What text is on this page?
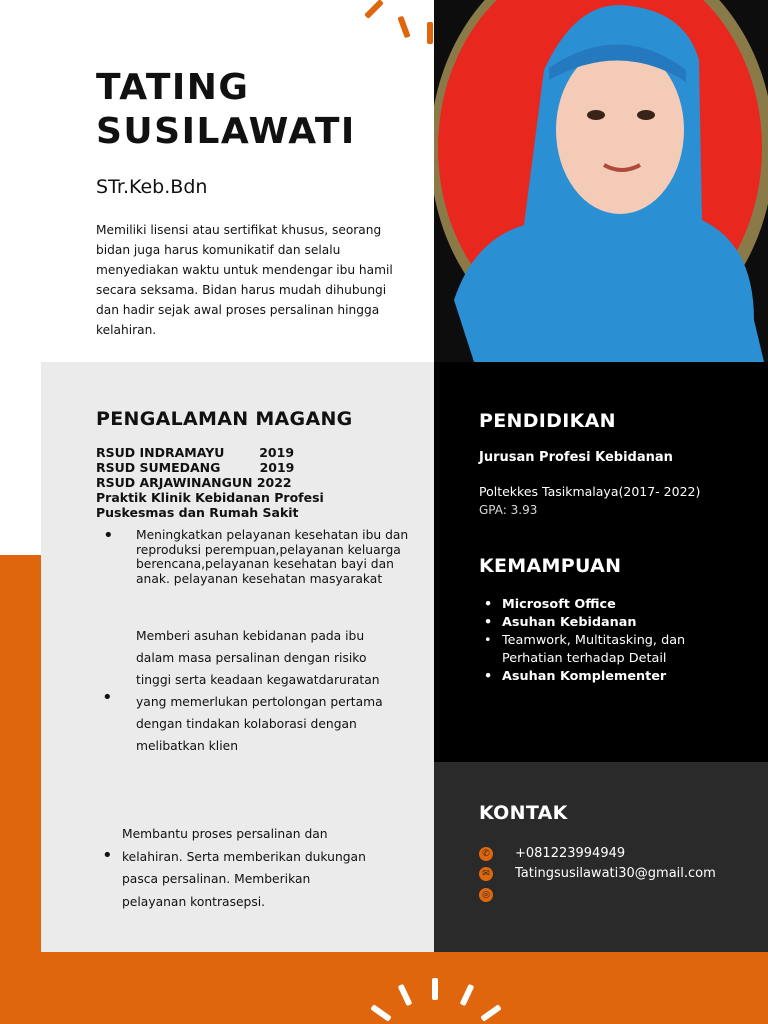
TATING
SUSILAWATI

STr.Keb.Bdn

Memiliki lisensi atau sertifikat khusus, seorang bidan juga harus komunikatif dan selalu menyediakan waktu untuk mendengar ibu hamil secara seksama. Bidan harus mudah dihubungi dan hadir sejak awal proses persalinan hingga kelahiran.

PENGALAMAN MAGANG
RSUD INDRAMAYU        2019
RSUD SUMEDANG         2019
RSUD ARJAWINANGUN 2022
Praktik Klinik Kebidanan Profesi
Puskesmas dan Rumah Sakit
• Meningkatkan pelayanan kesehatan ibu dan reproduksi perempuan,pelayanan keluarga berencana,pelayanan kesehatan bayi dan anak. pelayanan kesehatan masyarakat

•

Memberi asuhan kebidanan pada ibu dalam masa persalinan dengan risiko tinggi serta keadaan kegawatdaruratan yang memerlukan pertolongan pertama dengan tindakan kolaborasi dengan melibatkan klien

•

Membantu proses persalinan dan kelahiran. Serta memberikan dukungan pasca persalinan. Memberikan pelayanan kontrasepsi.

PENDIDIKAN
Jurusan Profesi Kebidanan
Poltekkes Tasikmalaya(2017- 2022)
GPA: 3.93
KEMAMPUAN
• Microsoft Office
• Asuhan Kebidanan
• Teamwork, Multitasking, dan Perhatian terhadap Detail
• Asuhan Komplementer
KONTAK
✆ +081223994949
✉ Tatingsusilawati30@gmail.com
◎
